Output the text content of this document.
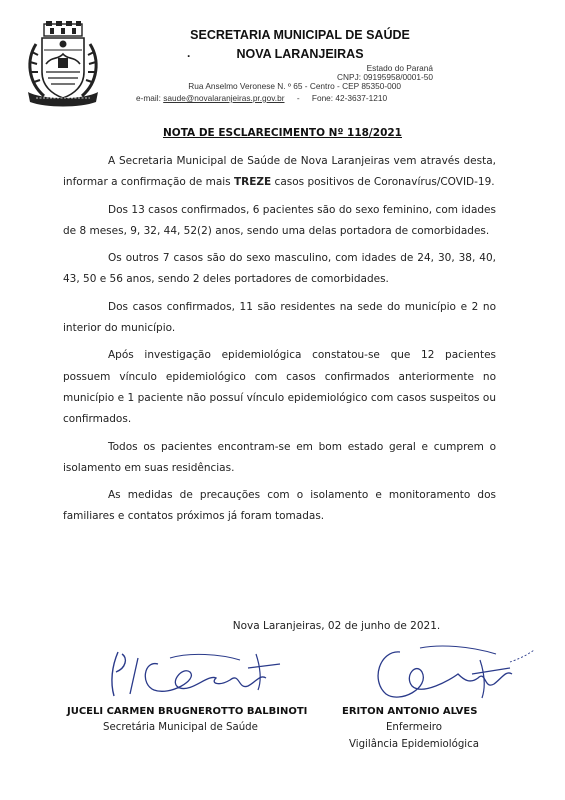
SECRETARIA MUNICIPAL DE SAÚDE
.	NOVA LARANJEIRAS
Estado do Paraná
CNPJ: 09195958/0001-50
Rua Anselmo Veronese N. º 65 - Centro - CEP 85350-000
e-mail: saude@novalaranjeiras.pr.gov.br - Fone: 42-3637-1210
NOTA DE ESCLARECIMENTO Nº 118/2021

A Secretaria Municipal de Saúde de Nova Laranjeiras vem através desta, informar a confirmação de mais TREZE casos positivos de Coronavírus/COVID-19.

Dos 13 casos confirmados, 6 pacientes são do sexo feminino, com idades de 8 meses, 9, 32, 44, 52(2) anos, sendo uma delas portadora de comorbidades.

Os outros 7 casos são do sexo masculino, com idades de 24, 30, 38, 40, 43, 50 e 56 anos, sendo 2 deles portadores de comorbidades.

Dos casos confirmados, 11 são residentes na sede do município e 2 no interior do município.

Após investigação epidemiológica constatou-se que 12 pacientes possuem vínculo epidemiológico com casos confirmados anteriormente no município e 1 paciente não possuí vínculo epidemiológico com casos suspeitos ou confirmados.

Todos os pacientes encontram-se em bom estado geral e cumprem o isolamento em suas residências.

As medidas de precauções com o isolamento e monitoramento dos familiares e contatos próximos já foram tomadas.

Nova Laranjeiras, 02 de junho de 2021.
JUCELI CARMEN BRUGNEROTTO BALBINOTI
Secretária Municipal de Saúde
ERITON ANTONIO ALVES
Enfermeiro
Vigilância Epidemiológica
